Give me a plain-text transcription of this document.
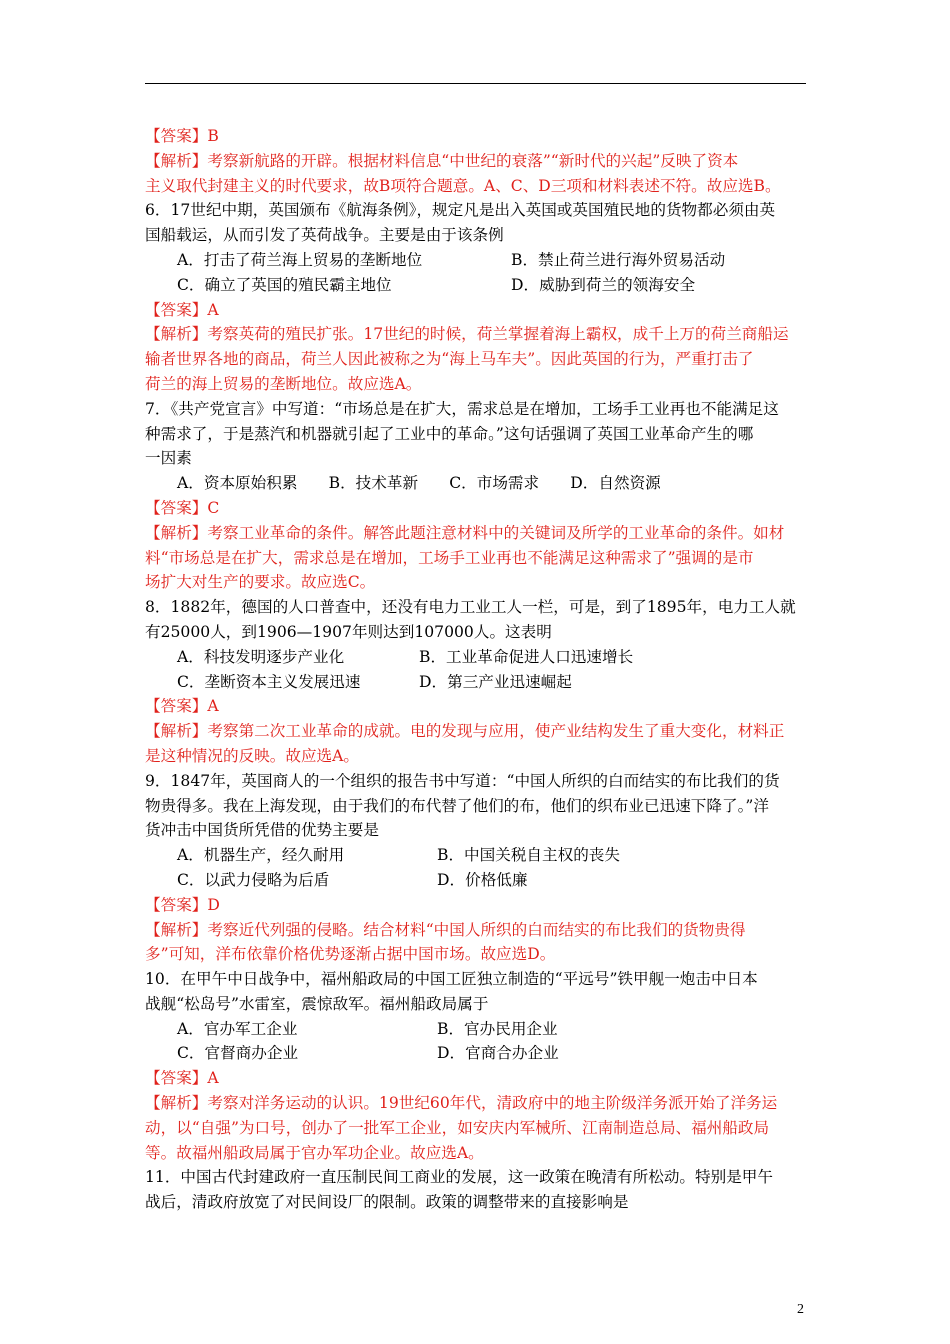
【答案】B
【解析】考察新航路的开辟。根据材料信息“中世纪的衰落”“新时代的兴起”反映了资本
主义取代封建主义的时代要求，故B项符合题意。A、C、D三项和材料表述不符。故应选B。
6．17世纪中期，英国颁布《航海条例》，规定凡是出入英国或英国殖民地的货物都必须由英
国船载运，从而引发了英荷战争。主要是由于该条例
A．打击了荷兰海上贸易的垄断地位	B．禁止荷兰进行海外贸易活动
C．确立了英国的殖民霸主地位	D．威胁到荷兰的领海安全
【答案】A
【解析】考察英荷的殖民扩张。17世纪的时候，荷兰掌握着海上霸权，成千上万的荷兰商船运
输者世界各地的商品，荷兰人因此被称之为“海上马车夫”。因此英国的行为，严重打击了
荷兰的海上贸易的垄断地位。故应选A。
7．《共产党宣言》中写道：“市场总是在扩大，需求总是在增加，工场手工业再也不能满足这
种需求了，于是蒸汽和机器就引起了工业中的革命。”这句话强调了英国工业革命产生的哪
一因素
A．资本原始积累　　B．技术革新　　C．市场需求　　D．自然资源
【答案】C
【解析】考察工业革命的条件。解答此题注意材料中的关键词及所学的工业革命的条件。如材
料“市场总是在扩大，需求总是在增加，工场手工业再也不能满足这种需求了”强调的是市
场扩大对生产的要求。故应选C。
8．1882年，德国的人口普查中，还没有电力工业工人一栏，可是，到了1895年，电力工人就
有25000人，到1906—1907年则达到107000人。这表明
A．科技发明逐步产业化	B．工业革命促进人口迅速增长
C．垄断资本主义发展迅速	D．第三产业迅速崛起
【答案】A
【解析】考察第二次工业革命的成就。电的发现与应用，使产业结构发生了重大变化，材料正
是这种情况的反映。故应选A。
9．1847年，英国商人的一个组织的报告书中写道：“中国人所织的白而结实的布比我们的货
物贵得多。我在上海发现，由于我们的布代替了他们的布，他们的织布业已迅速下降了。”洋
货冲击中国货所凭借的优势主要是
A．机器生产，经久耐用	B．中国关税自主权的丧失
C．以武力侵略为后盾	D．价格低廉
【答案】D
【解析】考察近代列强的侵略。结合材料“中国人所织的白而结实的布比我们的货物贵得
多”可知，洋布依靠价格优势逐渐占据中国市场。故应选D。
10．在甲午中日战争中，福州船政局的中国工匠独立制造的“平远号”铁甲舰一炮击中日本
战舰“松岛号”水雷室，震惊敌军。福州船政局属于
A．官办军工企业	B．官办民用企业
C．官督商办企业	D．官商合办企业
【答案】A
【解析】考察对洋务运动的认识。19世纪60年代，清政府中的地主阶级洋务派开始了洋务运
动，以“自强”为口号，创办了一批军工企业，如安庆内军械所、江南制造总局、福州船政局
等。故福州船政局属于官办军功企业。故应选A。
11．中国古代封建政府一直压制民间工商业的发展，这一政策在晚清有所松动。特别是甲午
战后，清政府放宽了对民间设厂的限制。政策的调整带来的直接影响是
2
